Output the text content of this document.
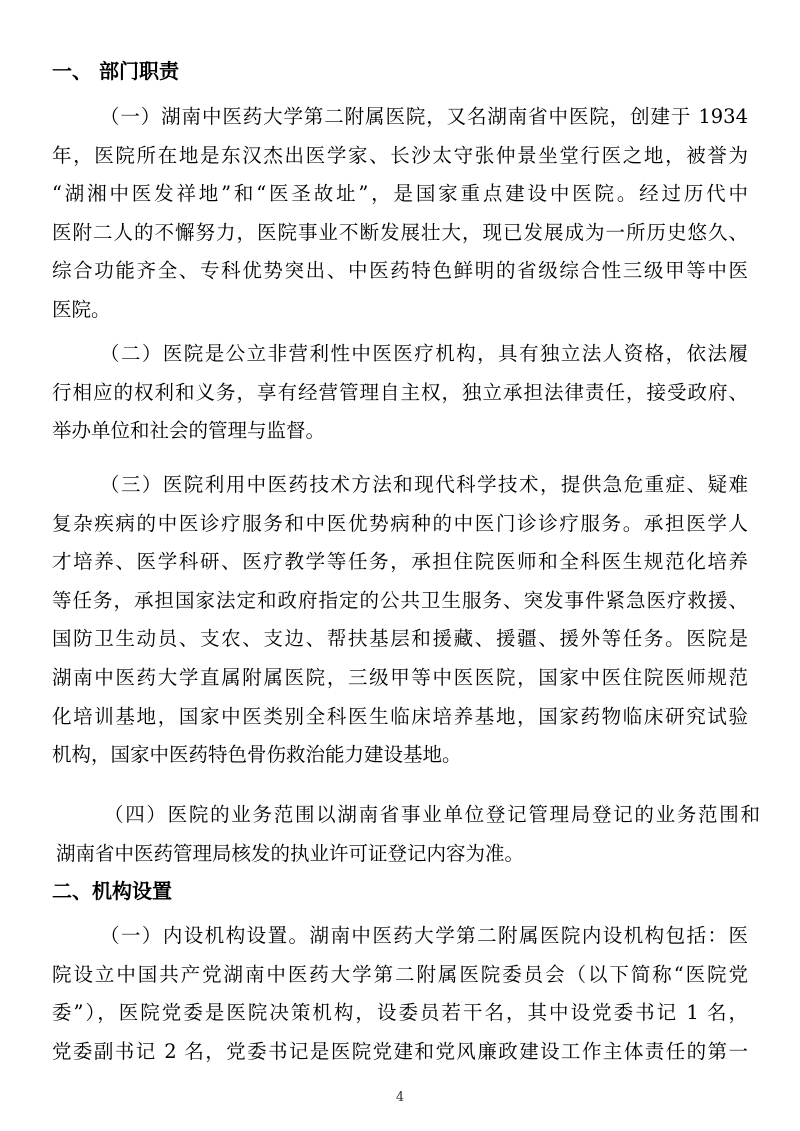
一、 部门职责
（一）湖南中医药大学第二附属医院，又名湖南省中医院，创建于 1934
年，医院所在地是东汉杰出医学家、长沙太守张仲景坐堂行医之地，被誉为
“湖湘中医发祥地”和“医圣故址”，是国家重点建设中医院。经过历代中
医附二人的不懈努力，医院事业不断发展壮大，现已发展成为一所历史悠久、
综合功能齐全、专科优势突出、中医药特色鲜明的省级综合性三级甲等中医
医院。
（二）医院是公立非营利性中医医疗机构，具有独立法人资格，依法履
行相应的权利和义务，享有经营管理自主权，独立承担法律责任，接受政府、
举办单位和社会的管理与监督。
（三）医院利用中医药技术方法和现代科学技术，提供急危重症、疑难
复杂疾病的中医诊疗服务和中医优势病种的中医门诊诊疗服务。承担医学人
才培养、医学科研、医疗教学等任务，承担住院医师和全科医生规范化培养
等任务，承担国家法定和政府指定的公共卫生服务、突发事件紧急医疗救援、
国防卫生动员、支农、支边、帮扶基层和援藏、援疆、援外等任务。医院是
湖南中医药大学直属附属医院，三级甲等中医医院，国家中医住院医师规范
化培训基地，国家中医类别全科医生临床培养基地，国家药物临床研究试验
机构，国家中医药特色骨伤救治能力建设基地。
（四）医院的业务范围以湖南省事业单位登记管理局登记的业务范围和
湖南省中医药管理局核发的执业许可证登记内容为准。
二、机构设置
（一）内设机构设置。湖南中医药大学第二附属医院内设机构包括：医
院设立中国共产党湖南中医药大学第二附属医院委员会（以下简称“医院党
委”），医院党委是医院决策机构，设委员若干名，其中设党委书记 1 名，
党委副书记 2 名，党委书记是医院党建和党风廉政建设工作主体责任的第一
4
